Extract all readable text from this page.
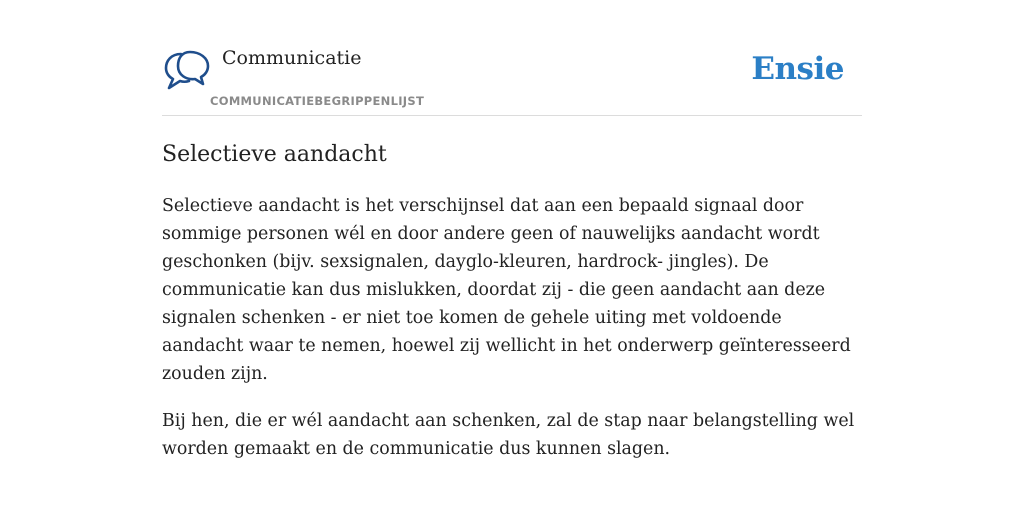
Communicatie
COMMUNICATIEBEGRIPPENLIJST
Ensie
Selectieve aandacht

Selectieve aandacht is het verschijnsel dat aan een bepaald signaal door sommige personen wél en door andere geen of nauwelijks aandacht wordt geschonken (bijv. sexsignalen, dayglo-kleuren, hardrock- jingles). De communicatie kan dus mislukken, doordat zij - die geen aandacht aan deze signalen schenken - er niet toe komen de gehele uiting met voldoende aandacht waar te nemen, hoewel zij wellicht in het onderwerp geïnteresseerd zouden zijn.

Bij hen, die er wél aandacht aan schenken, zal de stap naar belangstelling wel worden gemaakt en de communicatie dus kunnen slagen.
